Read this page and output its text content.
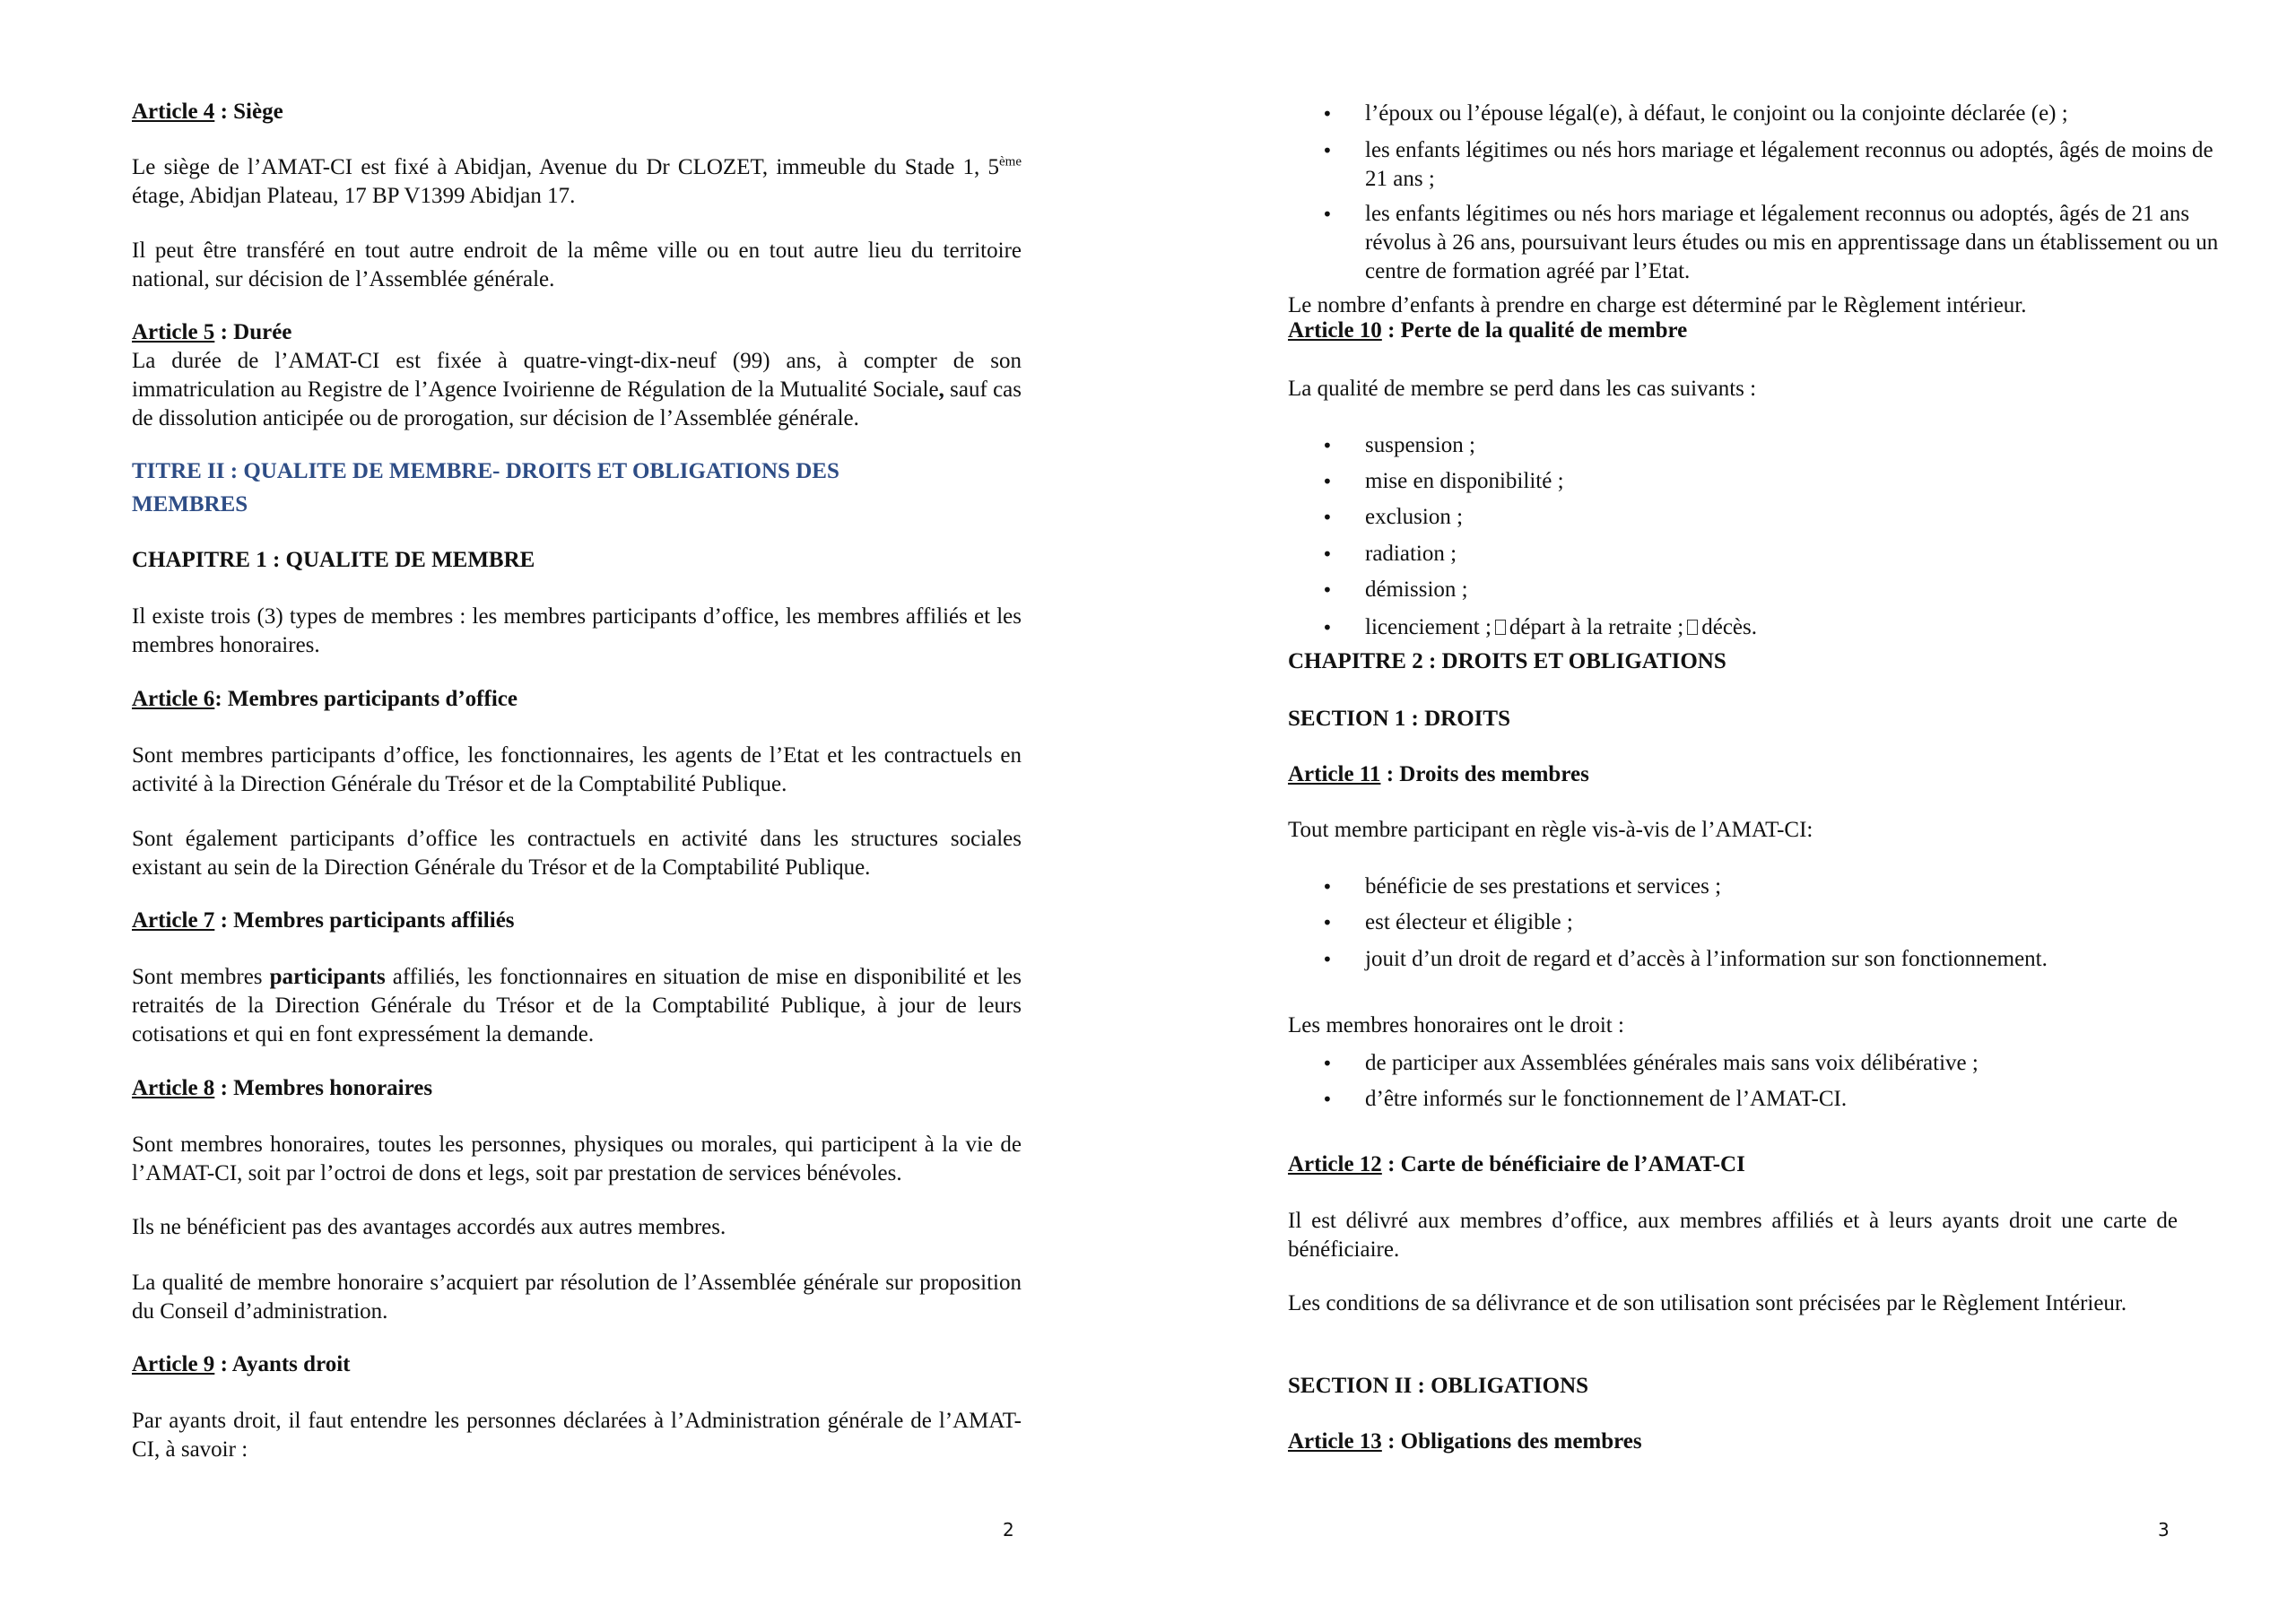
Article 4 : Siège

Le siège de l’AMAT-CI est fixé à Abidjan, Avenue du Dr CLOZET, immeuble du Stade 1, 5ème étage, Abidjan Plateau, 17 BP V1399 Abidjan 17.

Il peut être transféré en tout autre endroit de la même ville ou en tout autre lieu du territoire national, sur décision de l’Assemblée générale.

Article 5 : Durée

La durée de l’AMAT-CI est fixée à quatre-vingt-dix-neuf (99) ans, à compter de son immatriculation au Registre de l’Agence Ivoirienne de Régulation de la Mutualité Sociale, sauf cas de dissolution anticipée ou de prorogation, sur décision de l’Assemblée générale.

TITRE II : QUALITE DE MEMBRE- DROITS ET OBLIGATIONS DES MEMBRES

CHAPITRE 1 : QUALITE DE MEMBRE

Il existe trois (3) types de membres : les membres participants d’office, les membres affiliés et les membres honoraires.

Article 6: Membres participants d’office

Sont membres participants d’office, les fonctionnaires, les agents de l’Etat et les contractuels en activité à la Direction Générale du Trésor et de la Comptabilité Publique.

Sont également participants d’office les contractuels en activité dans les structures sociales existant au sein de la Direction Générale du Trésor et de la Comptabilité Publique.

Article 7 : Membres participants affiliés

Sont membres participants affiliés, les fonctionnaires en situation de mise en disponibilité et les retraités de la Direction Générale du Trésor et de la Comptabilité Publique, à jour de leurs cotisations et qui en font expressément la demande.

Article 8 : Membres honoraires

Sont membres honoraires, toutes les personnes, physiques ou morales, qui participent à la vie de l’AMAT-CI, soit par l’octroi de dons et legs, soit par prestation de services bénévoles.

Ils ne bénéficient pas des avantages accordés aux autres membres.

La qualité de membre honoraire s’acquiert par résolution de l’Assemblée générale sur proposition du Conseil d’administration.

Article 9 : Ayants droit

Par ayants droit, il faut entendre les personnes déclarées à l’Administration générale de l’AMAT-CI, à savoir :

2
• l’époux ou l’épouse légal(e), à défaut, le conjoint ou la conjointe déclarée (e) ;
• les enfants légitimes ou nés hors mariage et légalement reconnus ou adoptés, âgés de moins de 21 ans ;
• les enfants légitimes ou nés hors mariage et légalement reconnus ou adoptés, âgés de 21 ans révolus à 26 ans, poursuivant leurs études ou mis en apprentissage dans un établissement ou un centre de formation agréé par l’Etat.

Le nombre d’enfants à prendre en charge est déterminé par le Règlement intérieur.

Article 10 : Perte de la qualité de membre

La qualité de membre se perd dans les cas suivants :

• suspension ;
• mise en disponibilité ;
• exclusion ;
• radiation ;
• démission ;
• licenciement ; départ à la retraite ; décès.

CHAPITRE 2 : DROITS ET OBLIGATIONS

SECTION 1 : DROITS

Article 11 : Droits des membres

Tout membre participant en règle vis-à-vis de l’AMAT-CI:

• bénéficie de ses prestations et services ;
• est électeur et éligible ;
• jouit d’un droit de regard et d’accès à l’information sur son fonctionnement.

Les membres honoraires ont le droit :

• de participer aux Assemblées générales mais sans voix délibérative ;
• d’être informés sur le fonctionnement de l’AMAT-CI.

Article 12 : Carte de bénéficiaire de l’AMAT-CI

Il est délivré aux membres d’office, aux membres affiliés et à leurs ayants droit une carte de bénéficiaire.

Les conditions de sa délivrance et de son utilisation sont précisées par le Règlement Intérieur.

SECTION II : OBLIGATIONS

Article 13 : Obligations des membres

3
